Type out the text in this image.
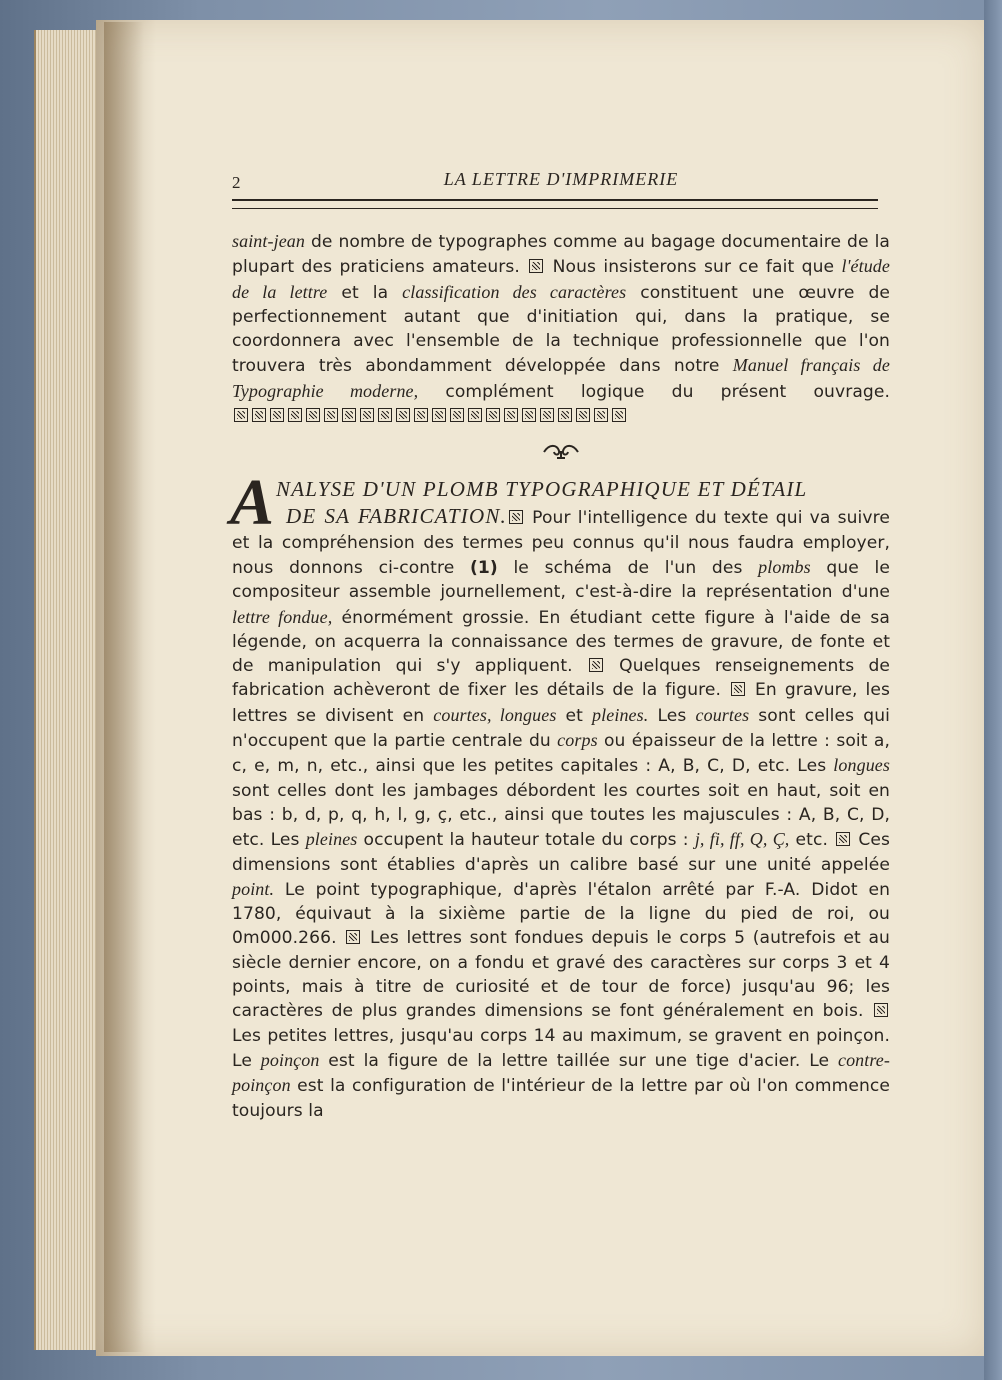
2	LA LETTRE D'IMPRIMERIE
saint-jean de nombre de typographes comme au bagage documentaire de la plupart des praticiens amateurs.  Nous insisterons sur ce fait que l'étude de la lettre et la classification des caractères constituent une œuvre de perfectionnement autant que d'initiation qui, dans la pratique, se coordonnera avec l'ensemble de la technique professionnelle que l'on trouvera très abondamment développée dans notre Manuel français de Typographie moderne, complément logique du présent ouvrage.
A NALYSE D'UN PLOMB TYPOGRAPHIQUE ET DÉTAIL
DE SA FABRICATION. Pour l'intelligence du texte qui va suivre et la compréhension des termes peu connus qu'il nous faudra employer, nous donnons ci-contre (1) le schéma de l'un des plombs que le compositeur assemble journellement, c'est-à-dire la représentation d'une lettre fondue, énormément grossie. En étudiant cette figure à l'aide de sa légende, on acquerra la connaissance des termes de gravure, de fonte et de manipulation qui s'y appliquent.  Quelques renseignements de fabrication achèveront de fixer les détails de la figure.  En gravure, les lettres se divisent en courtes, longues et pleines. Les courtes sont celles qui n'occupent que la partie centrale du corps ou épaisseur de la lettre : soit a, c, e, m, n, etc., ainsi que les petites capitales : A, B, C, D, etc. Les longues sont celles dont les jambages débordent les courtes soit en haut, soit en bas : b, d, p, q, h, l, g, ç, etc., ainsi que toutes les majuscules : A, B, C, D, etc. Les pleines occupent la hauteur totale du corps : j, fi, ff, Q, Ç, etc.  Ces dimensions sont établies d'après un calibre basé sur une unité appelée point. Le point typographique, d'après l'étalon arrêté par F.-A. Didot en 1780, équivaut à la sixième partie de la ligne du pied de roi, ou 0m000.266.  Les lettres sont fondues depuis le corps 5 (autrefois et au siècle dernier encore, on a fondu et gravé des caractères sur corps 3 et 4 points, mais à titre de curiosité et de tour de force) jusqu'au 96; les caractères de plus grandes dimensions se font généralement en bois.  Les petites lettres, jusqu'au corps 14 au maximum, se gravent en poinçon. Le poinçon est la figure de la lettre taillée sur une tige d'acier. Le contre-poinçon est la configuration de l'intérieur de la lettre par où l'on commence toujours la
